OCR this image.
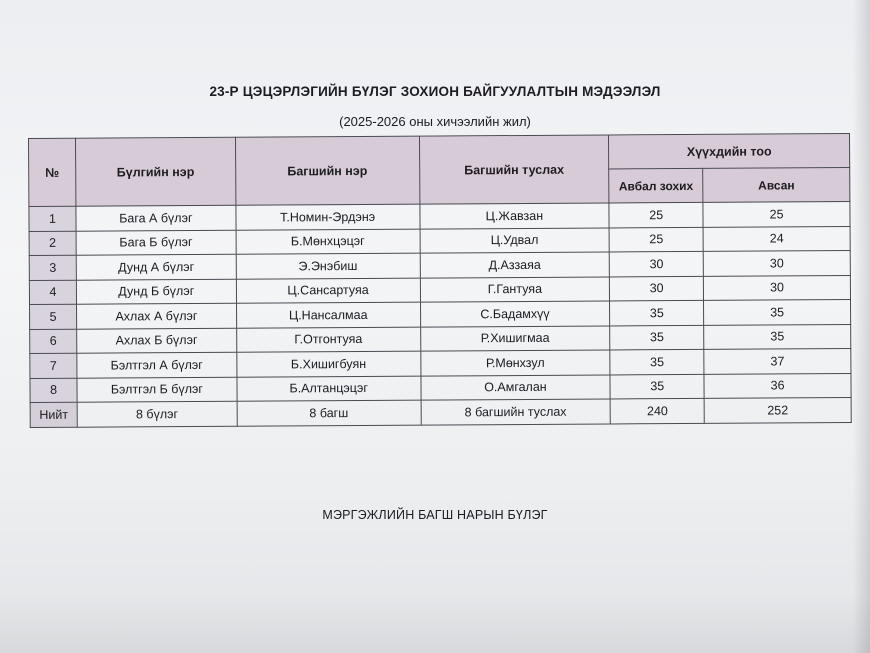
23-Р ЦЭЦЭРЛЭГИЙН БҮЛЭГ ЗОХИОН БАЙГУУЛАЛТЫН МЭДЭЭЛЭЛ
(2025-2026 оны хичээлийн жил)
№	Бүлгийн нэр	Багшийн нэр	Багшийн туслах	Хүүхдийн тоо	
				Авбал зохих	Авсан
1	Бага А бүлэг	Т.Номин-Эрдэнэ	Ц.Жавзан	25	25
2	Бага Б бүлэг	Б.Мөнхцэцэг	Ц.Удвал	25	24
3	Дунд А бүлэг	Э.Энэбиш	Д.Аззаяа	30	30
4	Дунд Б бүлэг	Ц.Сансартуяа	Г.Гантуяа	30	30
5	Ахлах А бүлэг	Ц.Нансалмаа	С.Бадамхүү	35	35
6	Ахлах Б бүлэг	Г.Отгонтуяа	Р.Хишигмаа	35	35
7	Бэлтгэл А бүлэг	Б.Хишигбуян	Р.Мөнхзул	35	37
8	Бэлтгэл Б бүлэг	Б.Алтанцэцэг	О.Амгалан	35	36
Нийт	8 бүлэг	8 багш	8 багшийн туслах	240	252
МЭРГЭЖЛИЙН БАГШ НАРЫН БҮЛЭГ
